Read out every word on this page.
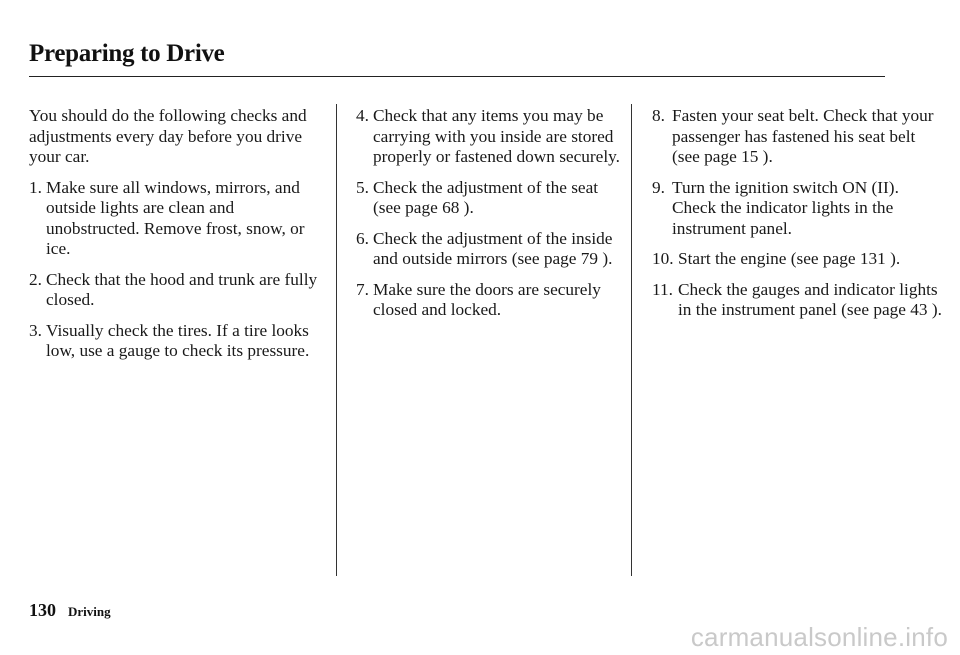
Preparing to Drive

You should do the following checks and adjustments every day before you drive your car.

1. Make sure all windows, mirrors, and outside lights are clean and unobstructed. Remove frost, snow, or ice.
2. Check that the hood and trunk are fully closed.
3. Visually check the tires. If a tire looks low, use a gauge to check its pressure.
4. Check that any items you may be carrying with you inside are stored properly or fastened down securely.
5. Check the adjustment of the seat (see page 68 ).
6. Check the adjustment of the inside and outside mirrors (see page 79 ).
7. Make sure the doors are securely closed and locked.
8. Fasten your seat belt. Check that your passenger has fastened his seat belt (see page 15 ).
9. Turn the ignition switch ON (II). Check the indicator lights in the instrument panel.
10. Start the engine (see page 131 ).
11. Check the gauges and indicator lights in the instrument panel (see page 43 ).
130 Driving
carmanualsonline.info
